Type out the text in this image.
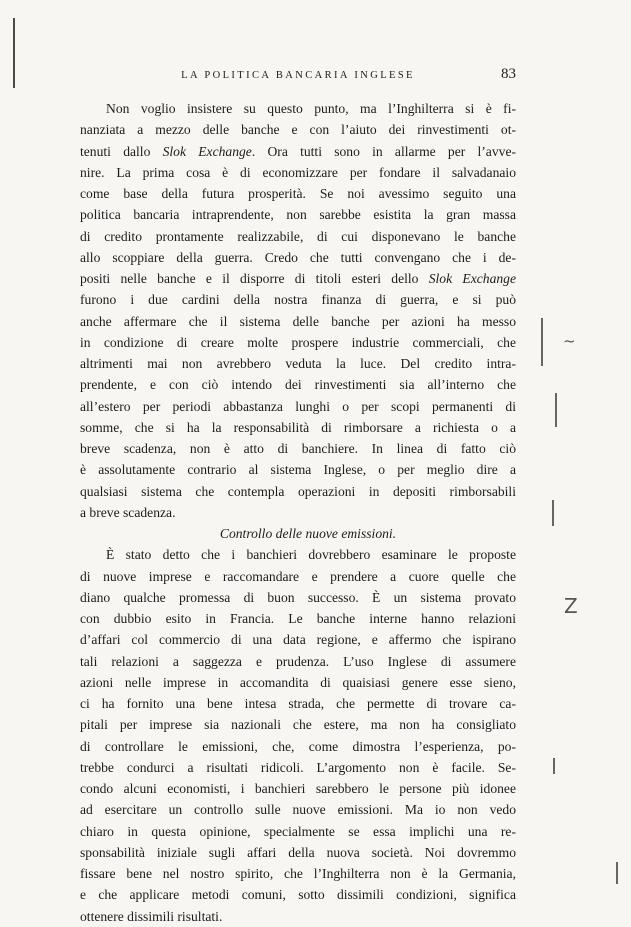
LA POLITICA BANCARIA INGLESE	83

Non voglio insistere su questo punto, ma l’Inghilterra si è fi-
nanziata a mezzo delle banche e con l’aiuto dei rinvestimenti ot-
tenuti dallo Slok Exchange. Ora tutti sono in allarme per l’avve-
nire. La prima cosa è di economizzare per fondare il salvadanaio
come base della futura prosperità. Se noi avessimo seguito una
politica bancaria intraprendente, non sarebbe esistita la gran massa
di credito prontamente realizzabile, di cui disponevano le banche
allo scoppiare della guerra. Credo che tutti convengano che i de-
positi nelle banche e il disporre di titoli esteri dello Slok Exchange
furono i due cardini della nostra finanza di guerra, e si può
anche affermare che il sistema delle banche per azioni ha messo
in condizione di creare molte prospere industrie commerciali, che
altrimenti mai non avrebbero veduta la luce. Del credito intra-
prendente, e con ciò intendo dei rinvestimenti sia all’interno che
all’estero per periodi abbastanza lunghi o per scopi permanenti di
somme, che si ha la responsabilità di rimborsare a richiesta o a
breve scadenza, non è atto di banchiere. In linea di fatto ciò
è assolutamente contrario al sistema Inglese, o per meglio dire a
qualsiasi sistema che contempla operazioni in depositi rimborsabili
a breve scadenza.

Controllo delle nuove emissioni.

È stato detto che i banchieri dovrebbero esaminare le proposte
di nuove imprese e raccomandare e prendere a cuore quelle che
diano qualche promessa di buon successo. È un sistema provato
con dubbio esito in Francia. Le banche interne hanno relazioni
d’affari col commercio di una data regione, e affermo che ispirano
tali relazioni a saggezza e prudenza. L’uso Inglese di assumere
azioni nelle imprese in accomandita di quaisiasi genere esse sieno,
ci ha fornito una bene intesa strada, che permette di trovare ca-
pitali per imprese sia nazionali che estere, ma non ha consigliato
di controllare le emissioni, che, come dimostra l’esperienza, po-
trebbe condurci a risultati ridicoli. L’argomento non è facile. Se-
condo alcuni economisti, i banchieri sarebbero le persone più idonee
ad esercitare un controllo sulle nuove emissioni. Ma io non vedo
chiaro in questa opinione, specialmente se essa implichi una re-
sponsabilità iniziale sugli affari della nuova società. Noi dovremmo
fissare bene nel nostro spirito, che l’Inghilterra non è la Germania,
e che applicare metodi comuni, sotto dissimili condizioni, significa
ottenere dissimili risultati.

~
Z
